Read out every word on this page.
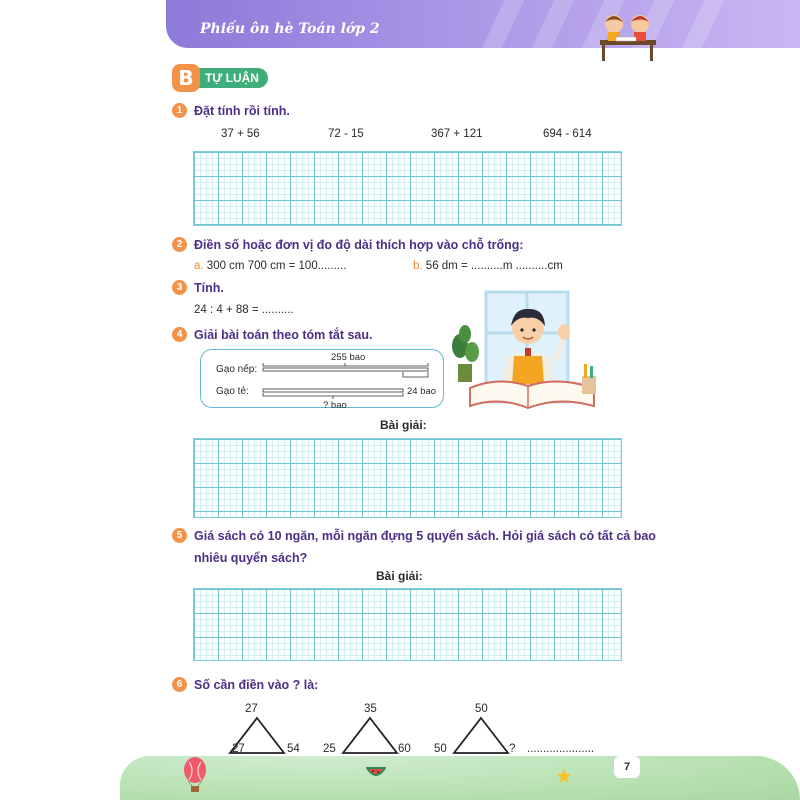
Phiếu ôn hè Toán lớp 2
TỰ LUẬN
B
1 Đặt tính rồi tính.
37 + 56	72 - 15	367 + 121	694 - 614
2 Điền số hoặc đơn vị đo độ dài thích hợp vào chỗ trống:
a. 300 cm 700 cm = 100.........	b. 56 dm = ..........m ..........cm
3 Tính.
24 : 4 + 88 = ..........
4 Giải bài toán theo tóm tắt sau.
Gạo nếp:
Gạo tẻ:
255 bao
24 bao
? bao
Bài giải:
5 Giá sách có 10 ngăn, mỗi ngăn đựng 5 quyển sách. Hỏi giá sách có tất cả bao
nhiêu quyển sách?
Bài giải:
6 Số cần điền vào ? là:
27
27	54
35
25	60
50
50	? .....................
7
